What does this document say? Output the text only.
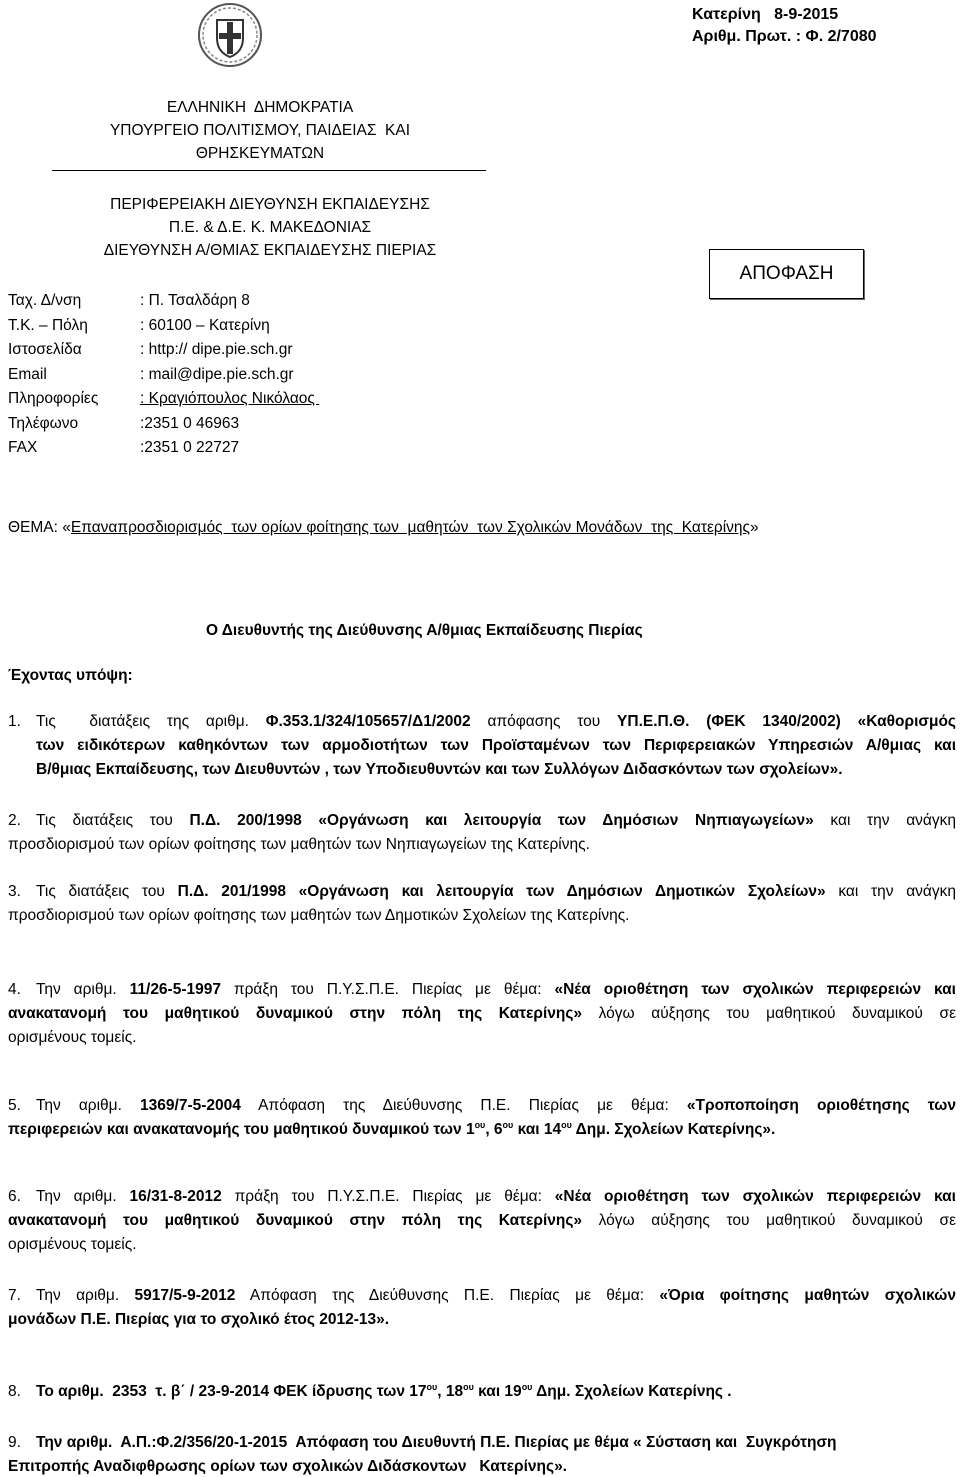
Κατερίνη   8-9-2015
Αριθμ. Πρωτ. : Φ. 2/7080
ΕΛΛΗΝΙΚΗ  ΔΗΜΟΚΡΑΤΙΑ
ΥΠΟΥΡΓΕΙΟ ΠΟΛΙΤΙΣΜΟΥ, ΠΑΙΔΕΙΑΣ  ΚΑΙ
ΘΡΗΣΚΕΥΜΑΤΩΝ
ΠΕΡΙΦΕΡΕΙΑΚΗ ΔΙΕΥΘΥΝΣΗ ΕΚΠΑΙΔΕΥΣΗΣ
Π.Ε. & Δ.Ε. Κ. ΜΑΚΕΔΟΝΙΑΣ
ΔΙΕΥΘΥΝΣΗ Α/ΘΜΙΑΣ ΕΚΠΑΙΔΕΥΣΗΣ ΠΙΕΡΙΑΣ
ΑΠΟΦΑΣΗ
Ταχ. Δ/νση	: Π. Τσαλδάρη 8
Τ.Κ. – Πόλη	: 60100 – Κατερίνη
Ιστοσελίδα	: http:// dipe.pie.sch.gr
Email	: mail@dipe.pie.sch.gr
Πληροφορίες	: Κραγιόπουλος Νικόλαος
Τηλέφωνο	:2351 0 46963
FAX	:2351 0 22727
ΘΕΜΑ: «Επαναπροσδιορισμός  των ορίων φοίτησης των  μαθητών  των Σχολικών Μονάδων  της  Κατερίνης»
Ο Διευθυντής της Διεύθυνσης Α/θμιας Εκπαίδευσης Πιερίας
Έχοντας υπόψη:
1. Τις  διατάξεις της αριθμ. Φ.353.1/324/105657/Δ1/2002 απόφασης του ΥΠ.Ε.Π.Θ. (ΦΕΚ 1340/2002) «Καθορισμός
των ειδικότερων καθηκόντων των αρμοδιοτήτων των Προϊσταμένων των Περιφερειακών Υπηρεσιών Α/θμιας και
Β/θμιας Εκπαίδευσης, των Διευθυντών , των Υποδιευθυντών και των Συλλόγων Διδασκόντων των σχολείων».
2. Τις διατάξεις του Π.Δ. 200/1998 «Οργάνωση και λειτουργία των Δημόσιων Νηπιαγωγείων» και την ανάγκη
προσδιορισμού των ορίων φοίτησης των μαθητών των Νηπιαγωγείων της Κατερίνης.
3. Τις διατάξεις του Π.Δ. 201/1998 «Οργάνωση και λειτουργία των Δημόσιων Δημοτικών Σχολείων» και την ανάγκη
προσδιορισμού των ορίων φοίτησης των μαθητών των Δημοτικών Σχολείων της Κατερίνης.
4. Την αριθμ. 11/26-5-1997 πράξη του Π.Υ.Σ.Π.Ε. Πιερίας με θέμα: «Νέα οριοθέτηση των σχολικών περιφερειών και
ανακατανομή του μαθητικού δυναμικού στην πόλη της Κατερίνης» λόγω αύξησης του μαθητικού δυναμικού σε
ορισμένους τομείς.
5. Την αριθμ. 1369/7-5-2004 Απόφαση της Διεύθυνσης Π.Ε. Πιερίας με θέμα: «Τροποποίηση οριοθέτησης των
περιφερειών και ανακατανομής του μαθητικού δυναμικού των $1^{o\upsilon}$, $6^{o\upsilon}$ και $14^{o\upsilon}$ Δημ. Σχολείων Κατερίνης».
6. Την αριθμ. 16/31-8-2012 πράξη του Π.Υ.Σ.Π.Ε. Πιερίας με θέμα: «Νέα οριοθέτηση των σχολικών περιφερειών και
ανακατανομή του μαθητικού δυναμικού στην πόλη της Κατερίνης» λόγω αύξησης του μαθητικού δυναμικού σε
ορισμένους τομείς.
7. Την αριθμ. 5917/5-9-2012 Απόφαση της Διεύθυνσης Π.Ε. Πιερίας με θέμα: «Όρια φοίτησης μαθητών σχολικών
μονάδων Π.Ε. Πιερίας για το σχολικό έτος 2012-13».
8. Το αριθμ.  2353  τ. β΄ / 23-9-2014 ΦΕΚ ίδρυσης των $17^{o\upsilon}$, $18^{o\upsilon}$ και $19^{o\upsilon}$ Δημ. Σχολείων Κατερίνης .
9. Την αριθμ.  Α.Π.:Φ.2/356/20-1-2015  Απόφαση του Διευθυντή Π.Ε. Πιερίας με θέμα « Σύσταση και  Συγκρότηση
Επιτροπής Αναδιφθρωσης ορίων των σχολικών Διδάσκοντων   Κατερίνης».
